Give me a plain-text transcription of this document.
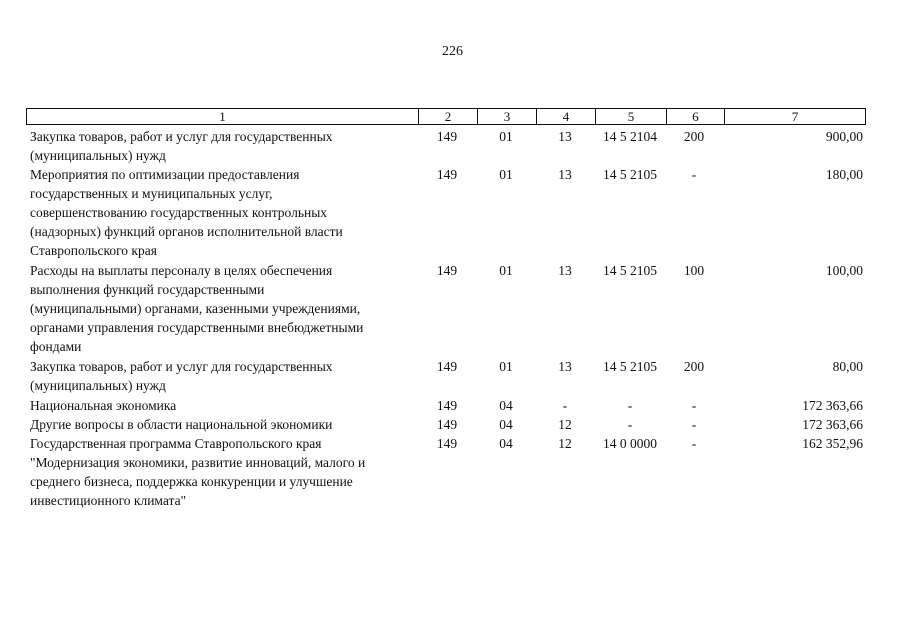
226
1	2	3	4	5	6	7
Закупка товаров, работ и услуг для государственных
(муниципальных) нужд
149	01	13	14 5 2104	200	900,00
Мероприятия по оптимизации предоставления
государственных и муниципальных услуг,
совершенствованию государственных контрольных
(надзорных) функций органов исполнительной власти
Ставропольского края
149	01	13	14 5 2105	-	180,00
Расходы на выплаты персоналу в целях обеспечения
выполнения функций государственными
(муниципальными) органами, казенными учреждениями,
органами управления государственными внебюджетными
фондами
149	01	13	14 5 2105	100	100,00
Закупка товаров, работ и услуг для государственных
(муниципальных) нужд
149	01	13	14 5 2105	200	80,00
Национальная экономика	149	04	-	-	-	172 363,66
Другие вопросы в области национальной экономики	149	04	12	-	-	172 363,66
Государственная программа Ставропольского края
"Модернизация экономики, развитие инноваций, малого и
среднего бизнеса, поддержка конкуренции и улучшение
инвестиционного климата"
149	04	12	14 0 0000	-	162 352,96
